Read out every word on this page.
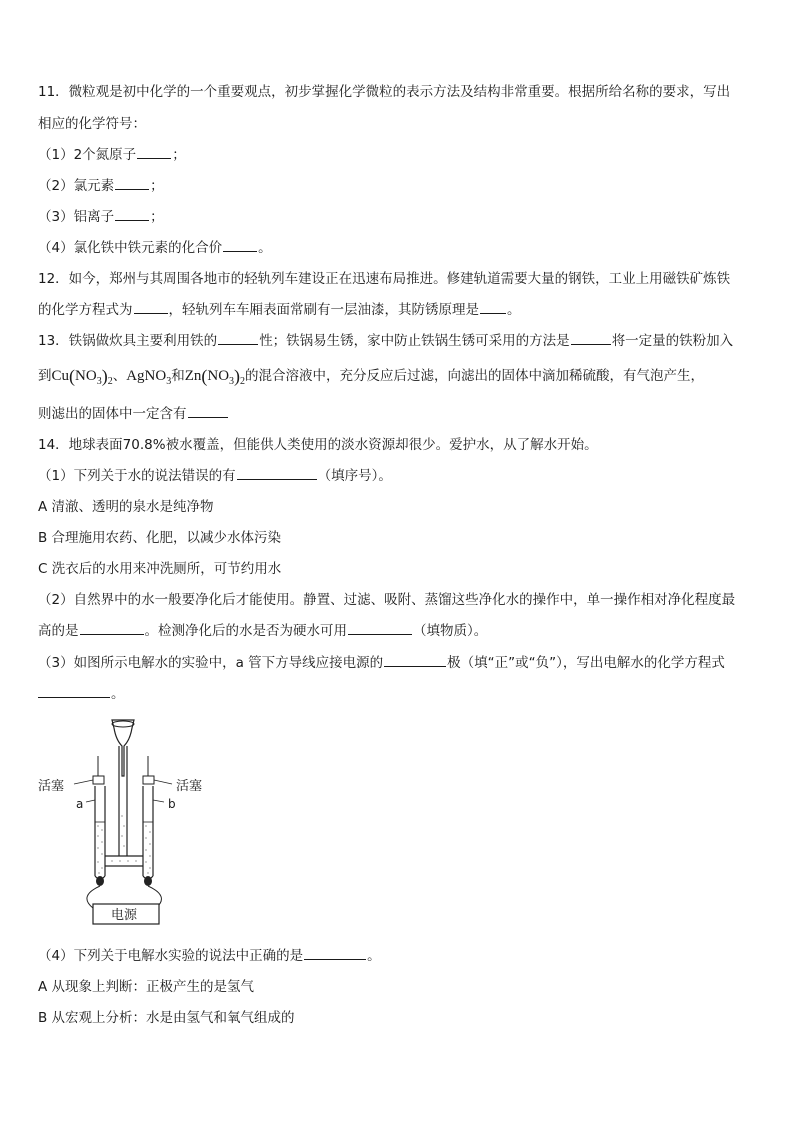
11．微粒观是初中化学的一个重要观点，初步掌握化学微粒的表示方法及结构非常重要。根据所给名称的要求，写出
相应的化学符号：
（1）2个氮原子	；
（2）氯元素	；
（3）铝离子	；
（4）氯化铁中铁元素的化合价	。
12．如今，郑州与其周围各地市的轻轨列车建设正在迅速布局推进。修建轨道需要大量的钢铁，工业上用磁铁矿炼铁
的化学方程式为	，轻轨列车车厢表面常刷有一层油漆，其防锈原理是 。
13．铁锅做炊具主要利用铁的	性；铁锅易生锈，家中防止铁锅生锈可采用的方法是	将一定量的铁粉加入
到$Cu(NO_3)_2$、AgNO$_3$和$Zn(NO_3)_2$的混合溶液中，充分反应后过滤，向滤出的固体中滴加稀硫酸，有气泡产生，
则滤出的固体中一定含有
14．地球表面70.8%被水覆盖，但能供人类使用的淡水资源却很少。爱护水，从了解水开始。
（1）下列关于水的说法错误的有	（填序号）。
A 清澈、透明的泉水是纯净物
B 合理施用农药、化肥，以减少水体污染
C 洗衣后的水用来冲洗厕所，可节约用水
（2）自然界中的水一般要净化后才能使用。静置、过滤、吸附、蒸馏这些净化水的操作中，单一操作相对净化程度最
高的是	。检测净化后的水是否为硬水可用	（填物质）。
（3）如图所示电解水的实验中，a 管下方导线应接电源的	极（填“正”或“负”），写出电解水的化学方程式
。
活塞	活塞
a	b
电源
（4）下列关于电解水实验的说法中正确的是	。
A 从现象上判断：正极产生的是氢气
B 从宏观上分析：水是由氢气和氧气组成的
